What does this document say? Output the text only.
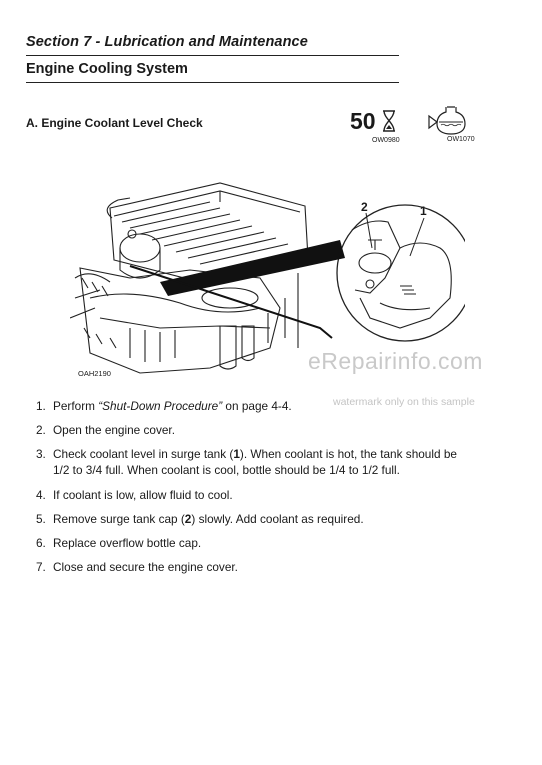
Section 7 - Lubrication and Maintenance
Engine Cooling System
A. Engine Coolant Level Check	50
OW0980	OW1070
2	1
OAH2190	eRepairinfo.com
watermark only on this sample
1. Perform “Shut-Down Procedure” on page 4-4.
2. Open the engine cover.
3. Check coolant level in surge tank (1). When coolant is hot, the tank should be 1/2 to 3/4 full. When coolant is cool, bottle should be 1/4 to 1/2 full.
4. If coolant is low, allow fluid to cool.
5. Remove surge tank cap (2) slowly. Add coolant as required.
6. Replace overflow bottle cap.
7. Close and secure the engine cover.
